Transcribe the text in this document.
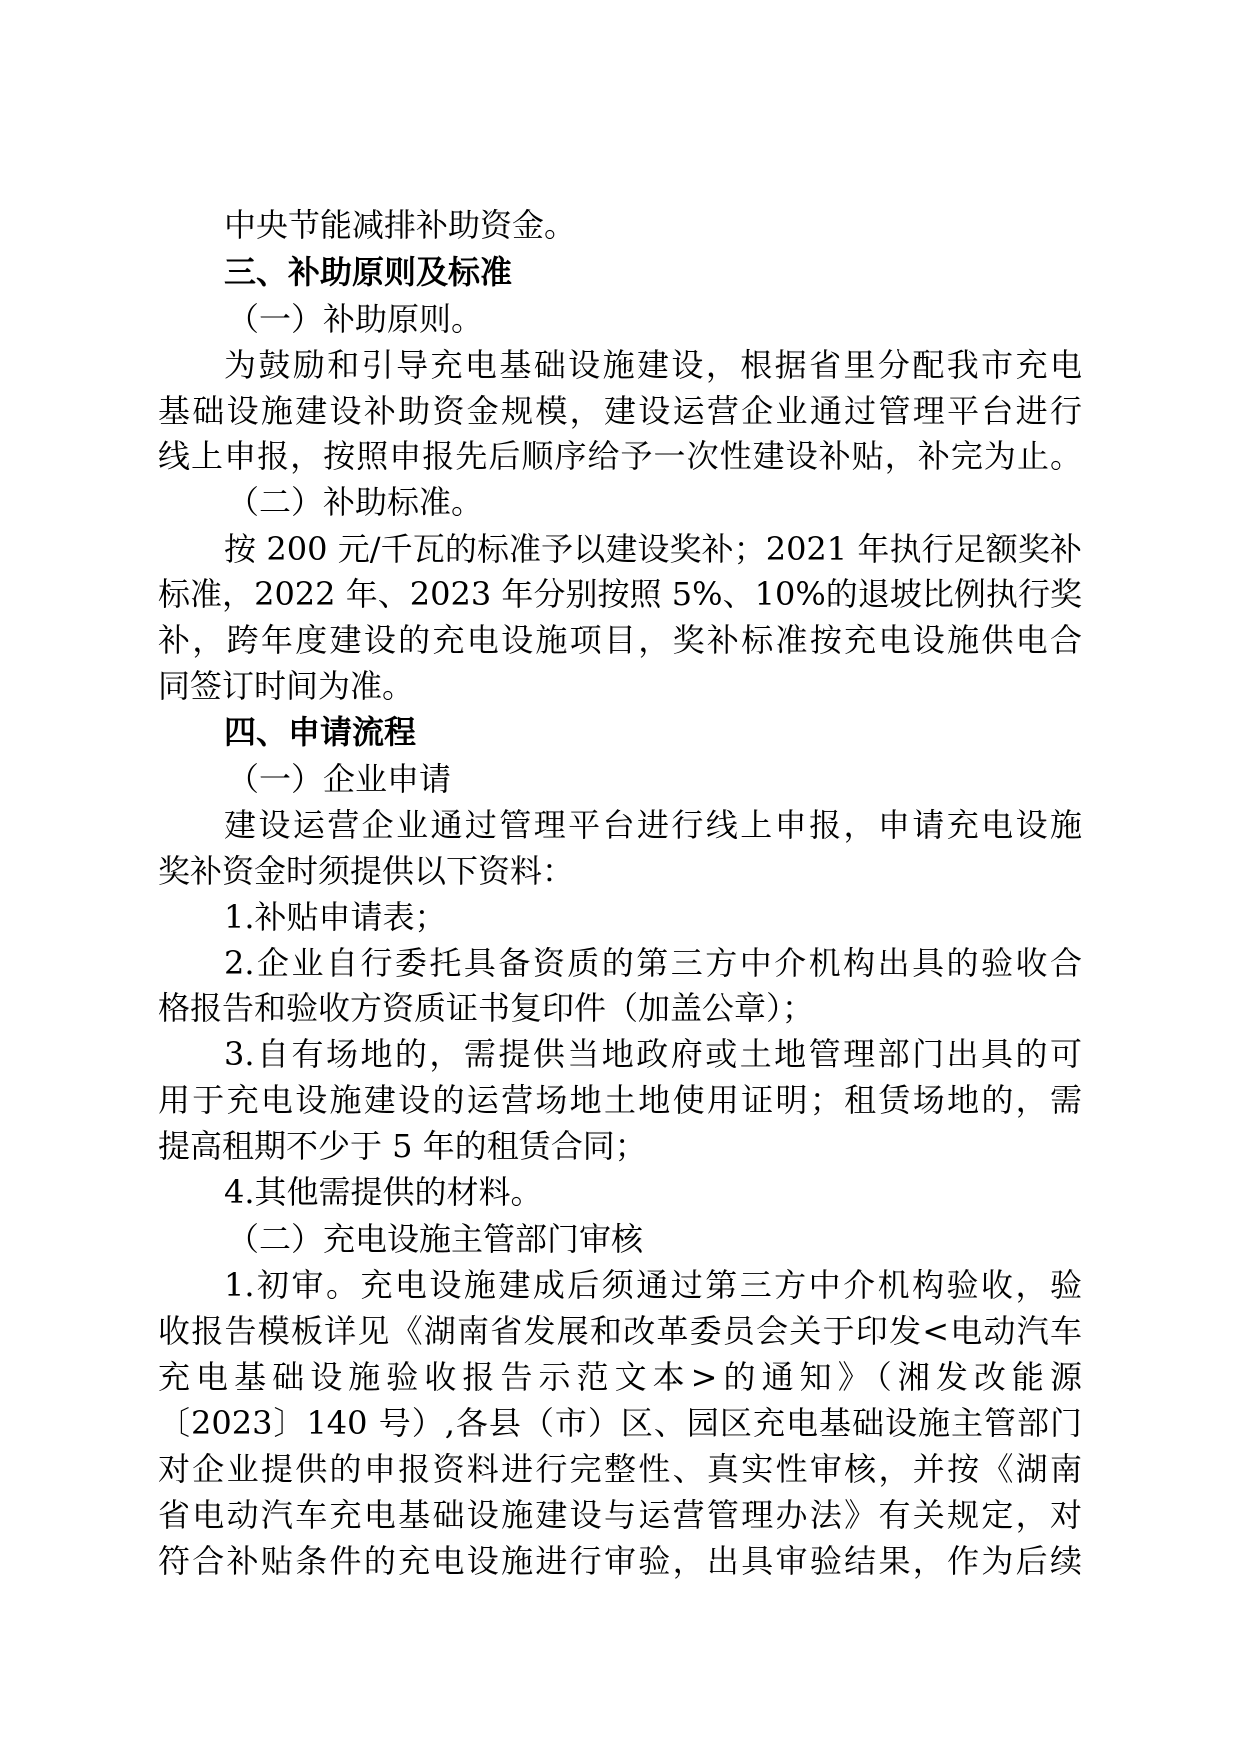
中央节能减排补助资金。
三、补助原则及标准
（一）补助原则。
为鼓励和引导充电基础设施建设，根据省里分配我市充电
基础设施建设补助资金规模，建设运营企业通过管理平台进行
线上申报，按照申报先后顺序给予一次性建设补贴，补完为止。
（二）补助标准。
按 200 元/千瓦的标准予以建设奖补；2021 年执行足额奖补
标准，2022 年、2023 年分别按照 5%、10%的退坡比例执行奖
补，跨年度建设的充电设施项目，奖补标准按充电设施供电合
同签订时间为准。
四、申请流程
（一）企业申请
建设运营企业通过管理平台进行线上申报，申请充电设施
奖补资金时须提供以下资料：
1.补贴申请表；
2.企业自行委托具备资质的第三方中介机构出具的验收合
格报告和验收方资质证书复印件（加盖公章）；
3.自有场地的，需提供当地政府或土地管理部门出具的可
用于充电设施建设的运营场地土地使用证明；租赁场地的，需
提高租期不少于 5 年的租赁合同；
4.其他需提供的材料。
（二）充电设施主管部门审核
1.初审。充电设施建成后须通过第三方中介机构验收，验
收报告模板详见《湖南省发展和改革委员会关于印发<电动汽车
充电基础设施验收报告示范文本>的通知》（湘发改能源
〔2023〕140 号）,各县（市）区、园区充电基础设施主管部门
对企业提供的申报资料进行完整性、真实性审核，并按《湖南
省电动汽车充电基础设施建设与运营管理办法》有关规定，对
符合补贴条件的充电设施进行审验，出具审验结果，作为后续
